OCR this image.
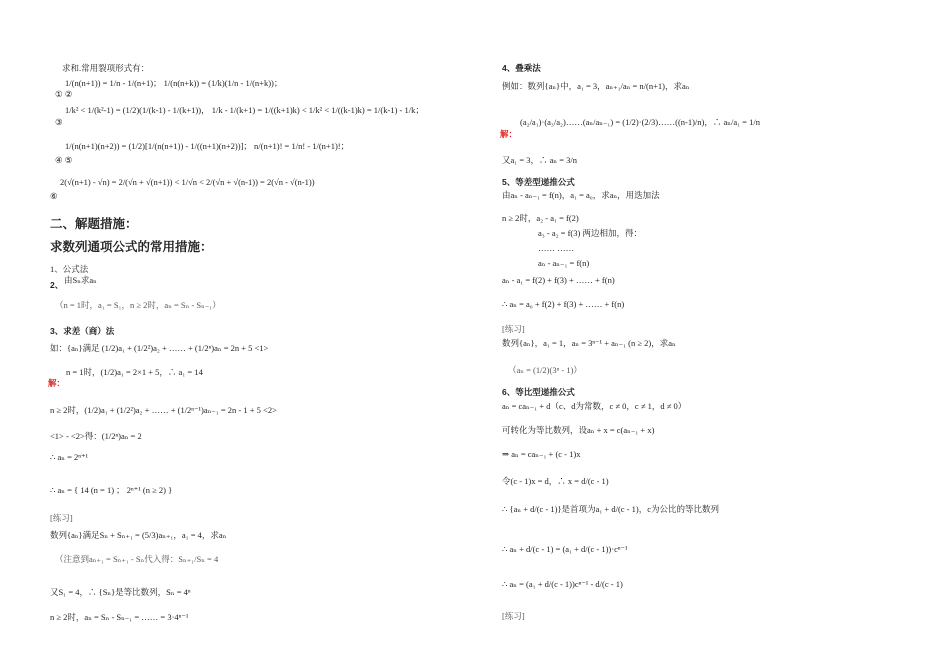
求和.常用裂项形式有：
1/(n(n+1)) = 1/n - 1/(n+1)； 1/(n(n+k)) = (1/k)(1/n - 1/(n+k))；
① ②
1/k² < 1/(k²-1) = (1/2)(1/(k-1) - 1/(k+1))， 1/k - 1/(k+1) = 1/((k+1)k) < 1/k² < 1/((k-1)k) = 1/(k-1) - 1/k；
③
1/(n(n+1)(n+2)) = (1/2)[1/(n(n+1)) - 1/((n+1)(n+2))]； n/(n+1)! = 1/n! - 1/(n+1)!；
④ ⑤
2(√(n+1) - √n) = 2/(√n + √(n+1)) < 1/√n < 2/(√n + √(n-1)) = 2(√n - √(n-1))
⑥
二、解题措施：
求数列通项公式的常用措施：
1、公式法
2、 由Sₙ求aₙ
（n = 1时，a₁ = S₁，n ≥ 2时，aₙ = Sₙ - Sₙ₋₁）
3、求差（商）法
如：{aₙ}满足 (1/2)a₁ + (1/2²)a₂ + …… + (1/2ⁿ)aₙ = 2n + 5 <1>
n = 1时，(1/2)a₁ = 2×1 + 5，∴ a₁ = 14
解：
n ≥ 2时，(1/2)a₁ + (1/2²)a₂ + …… + (1/2ⁿ⁻¹)aₙ₋₁ = 2n - 1 + 5 <2>
<1> - <2>得：(1/2ⁿ)aₙ = 2
∴ aₙ = 2ⁿ⁺¹
∴ aₙ = { 14 (n = 1) ； 2ⁿ⁺¹ (n ≥ 2) }
[练习]
数列{aₙ}满足Sₙ + Sₙ₊₁ = (5/3)aₙ₊₁，a₁ = 4，求aₙ
（注意到aₙ₊₁ = Sₙ₊₁ - Sₙ代入得：Sₙ₊₁/Sₙ = 4
又S₁ = 4，∴ {Sₙ}是等比数列，Sₙ = 4ⁿ
n ≥ 2时，aₙ = Sₙ - Sₙ₋₁ = …… = 3·4ⁿ⁻¹
4、叠乘法
例如：数列{aₙ}中，a₁ = 3，aₙ₊₁/aₙ = n/(n+1)，求aₙ
(a₂/a₁)·(a₃/a₂)……(aₙ/aₙ₋₁) = (1/2)·(2/3)……((n-1)/n)，∴ aₙ/a₁ = 1/n
解：
又a₁ = 3，∴ aₙ = 3/n
5、等差型递推公式
由aₙ - aₙ₋₁ = f(n)，a₁ = a₀，求aₙ，用迭加法
n ≥ 2时，a₂ - a₁ = f(2)
a₃ - a₂ = f(3) 两边相加，得：
…… ……
aₙ - aₙ₋₁ = f(n)
aₙ - a₁ = f(2) + f(3) + …… + f(n)
∴ aₙ = a₀ + f(2) + f(3) + …… + f(n)
[练习]
数列{aₙ}，a₁ = 1，aₙ = 3ⁿ⁻¹ + aₙ₋₁ (n ≥ 2)，求aₙ
（aₙ = (1/2)(3ⁿ - 1)）
6、等比型递推公式
aₙ = caₙ₋₁ + d（c、d为常数，c ≠ 0，c ≠ 1，d ≠ 0）
可转化为等比数列，设aₙ + x = c(aₙ₋₁ + x)
⇒ aₙ = caₙ₋₁ + (c - 1)x
令(c - 1)x = d，∴ x = d/(c - 1)
∴ {aₙ + d/(c - 1)}是首项为a₁ + d/(c - 1)，c为公比的等比数列
∴ aₙ + d/(c - 1) = (a₁ + d/(c - 1))·cⁿ⁻¹
∴ aₙ = (a₁ + d/(c - 1))cⁿ⁻¹ - d/(c - 1)
[练习]
